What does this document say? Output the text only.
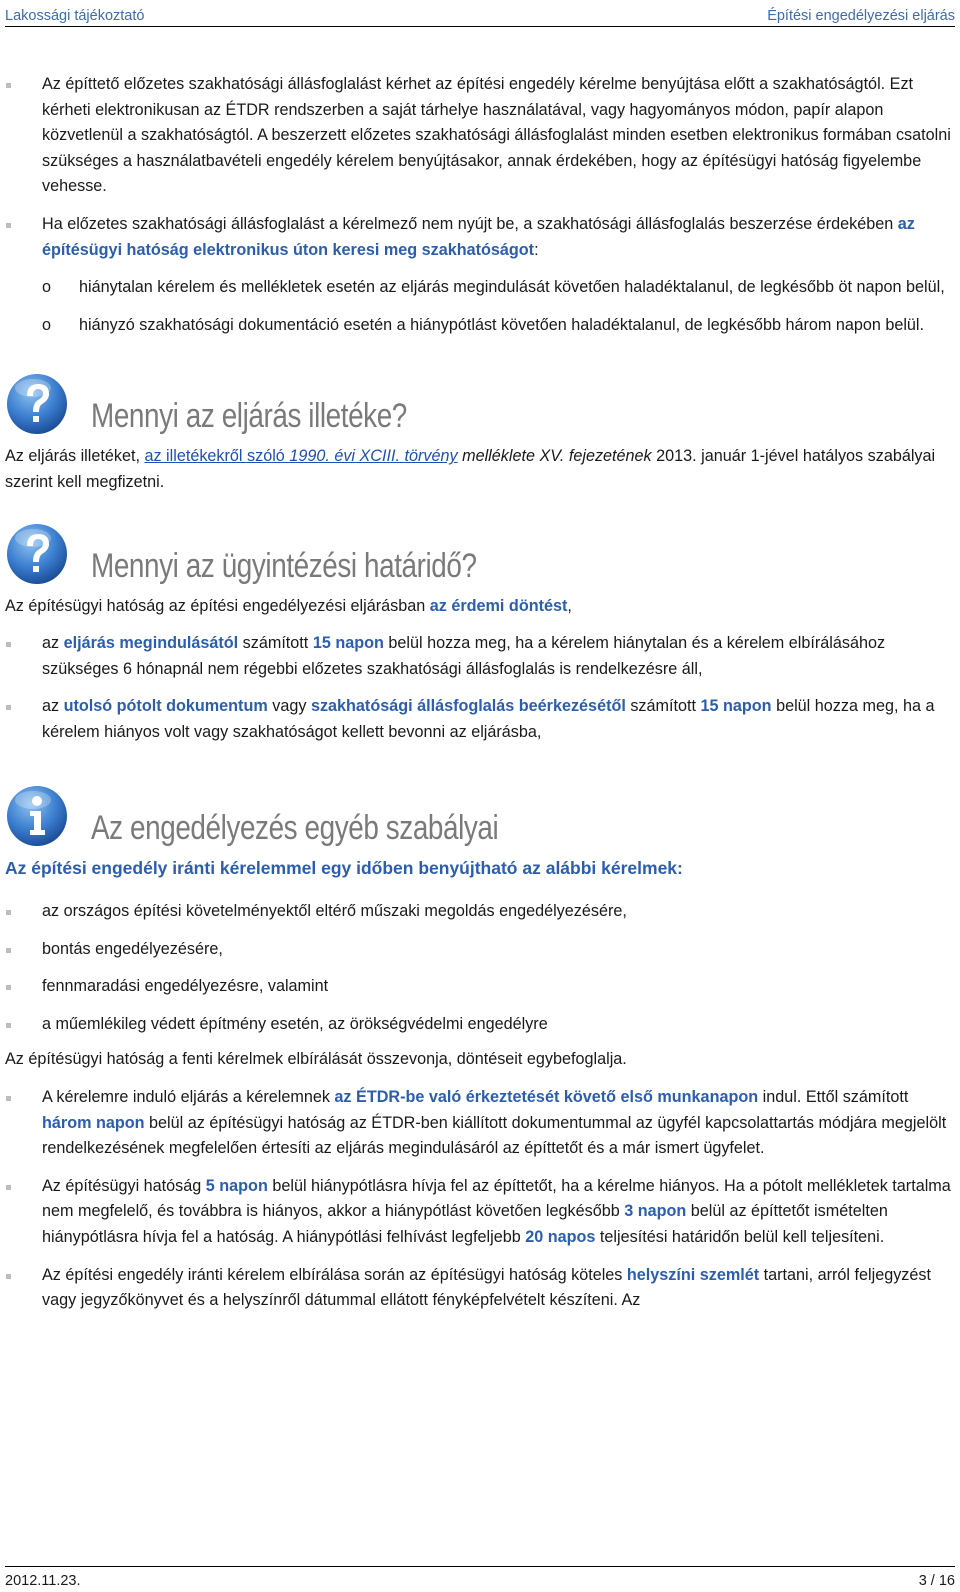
Lakossági tájékoztató	Építési engedélyezési eljárás
Az építtető előzetes szakhatósági állásfoglalást kérhet az építési engedély kérelme benyújtása előtt a szakhatóságtól. Ezt kérheti elektronikusan az ÉTDR rendszerben a saját tárhelye használatával, vagy hagyományos módon, papír alapon közvetlenül a szakhatóságtól. A beszerzett előzetes szakhatósági állásfoglalást minden esetben elektronikus formában csatolni szükséges a használatbavételi engedély kérelem benyújtásakor, annak érdekében, hogy az építésügyi hatóság figyelembe vehesse.
Ha előzetes szakhatósági állásfoglalást a kérelmező nem nyújt be, a szakhatósági állásfoglalás beszerzése érdekében az építésügyi hatóság elektronikus úton keresi meg szakhatóságot:
o hiánytalan kérelem és mellékletek esetén az eljárás megindulását követően haladéktalanul, de legkésőbb öt napon belül,
o hiányzó szakhatósági dokumentáció esetén a hiánypótlást követően haladéktalanul, de legkésőbb három napon belül.
Mennyi az eljárás illetéke?

Az eljárás illetéket, az illetékekről szóló 1990. évi XCIII. törvény melléklete XV. fejezetének 2013. január 1-jével hatályos szabályai szerint kell megfizetni.

Mennyi az ügyintézési határidő?

Az építésügyi hatóság az építési engedélyezési eljárásban az érdemi döntést,

az eljárás megindulásától számított 15 napon belül hozza meg, ha a kérelem hiánytalan és a kérelem elbírálásához szükséges 6 hónapnál nem régebbi előzetes szakhatósági állásfoglalás is rendelkezésre áll,
az utolsó pótolt dokumentum vagy szakhatósági állásfoglalás beérkezésétől számított 15 napon belül hozza meg, ha a kérelem hiányos volt vagy szakhatóságot kellett bevonni az eljárásba,
Az engedélyezés egyéb szabályai
Az építési engedély iránti kérelemmel egy időben benyújtható az alábbi kérelmek:
az országos építési követelményektől eltérő műszaki megoldás engedélyezésére,
bontás engedélyezésére,
fennmaradási engedélyezésre, valamint
a műemlékileg védett építmény esetén, az örökségvédelmi engedélyre

Az építésügyi hatóság a fenti kérelmek elbírálását összevonja, döntéseit egybefoglalja.

A kérelemre induló eljárás a kérelemnek az ÉTDR-be való érkeztetését követő első munkanapon indul. Ettől számított három napon belül az építésügyi hatóság az ÉTDR-ben kiállított dokumentummal az ügyfél kapcsolattartás módjára megjelölt rendelkezésének megfelelően értesíti az eljárás megindulásáról az építtetőt és a már ismert ügyfelet.
Az építésügyi hatóság 5 napon belül hiánypótlásra hívja fel az építtetőt, ha a kérelme hiányos. Ha a pótolt mellékletek tartalma nem megfelelő, és továbbra is hiányos, akkor a hiánypótlást követően legkésőbb 3 napon belül az építtetőt ismételten hiánypótlásra hívja fel a hatóság. A hiánypótlási felhívást legfeljebb 20 napos teljesítési határidőn belül kell teljesíteni.
Az építési engedély iránti kérelem elbírálása során az építésügyi hatóság köteles helyszíni szemlét tartani, arról feljegyzést vagy jegyzőkönyvet és a helyszínről dátummal ellátott fényképfelvételt készíteni. Az
2012.11.23.	3 / 16
